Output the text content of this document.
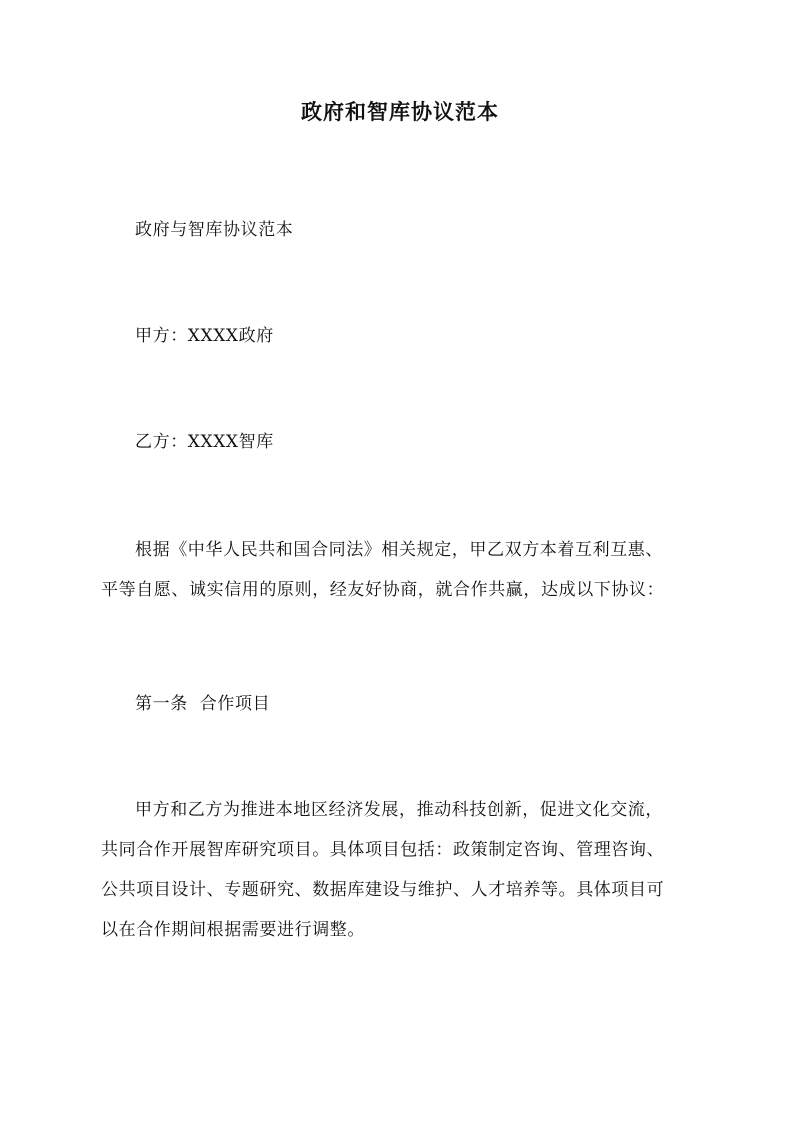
政府和智库协议范本

政府与智库协议范本

甲方：XXXX政府

乙方：XXXX智库

根据《中华人民共和国合同法》相关规定，甲乙双方本着互利互惠、
平等自愿、诚实信用的原则，经友好协商，就合作共赢，达成以下协议：

第一条  合作项目

甲方和乙方为推进本地区经济发展，推动科技创新，促进文化交流，
共同合作开展智库研究项目。具体项目包括：政策制定咨询、管理咨询、
公共项目设计、专题研究、数据库建设与维护、人才培养等。具体项目可
以在合作期间根据需要进行调整。
